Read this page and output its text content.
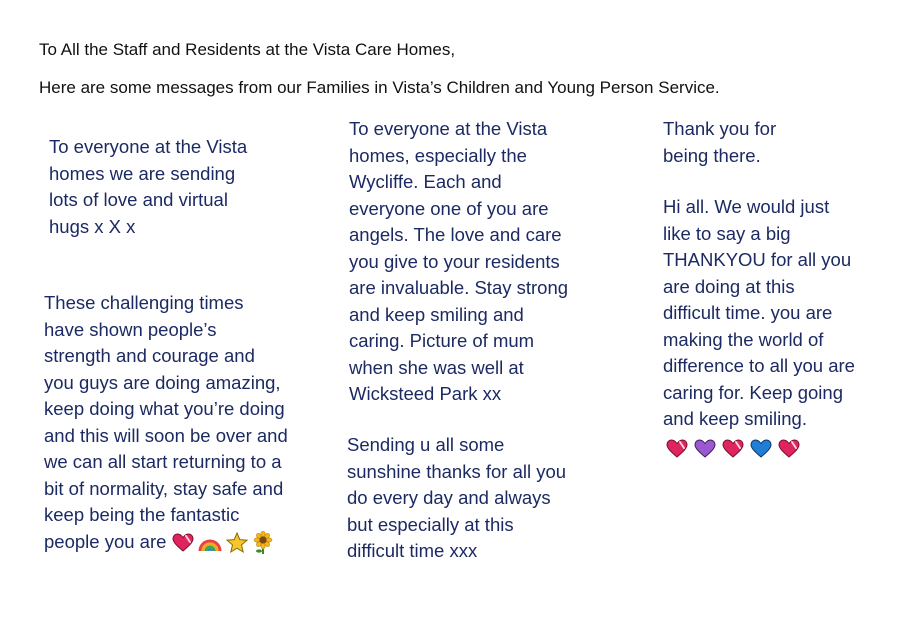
To All the Staff and Residents at the Vista Care Homes,
Here are some messages from our Families in Vista’s Children and Young Person Service.
To everyone at the Vista
homes we are sending
lots of love and virtual
hugs x X x
These challenging times
have shown people’s
strength and courage and
you guys are doing amazing,
keep doing what you’re doing
and this will soon be over and
we can all start returning to a
bit of normality, stay safe and
keep being the fantastic
people you are
To everyone at the Vista
homes, especially the
Wycliffe. Each and
everyone one of you are
angels. The love and care
you give to your residents
are invaluable. Stay strong
and keep smiling and
caring. Picture of mum
when she was well at
Wicksteed Park xx
Sending u all some
sunshine thanks for all you
do every day and always
but especially at this
difficult time xxx
Thank you for
being there.
Hi all. We would just
like to say a big
THANKYOU for all you
are doing at this
difficult time. you are
making the world of
difference to all you are
caring for. Keep going
and keep smiling.
